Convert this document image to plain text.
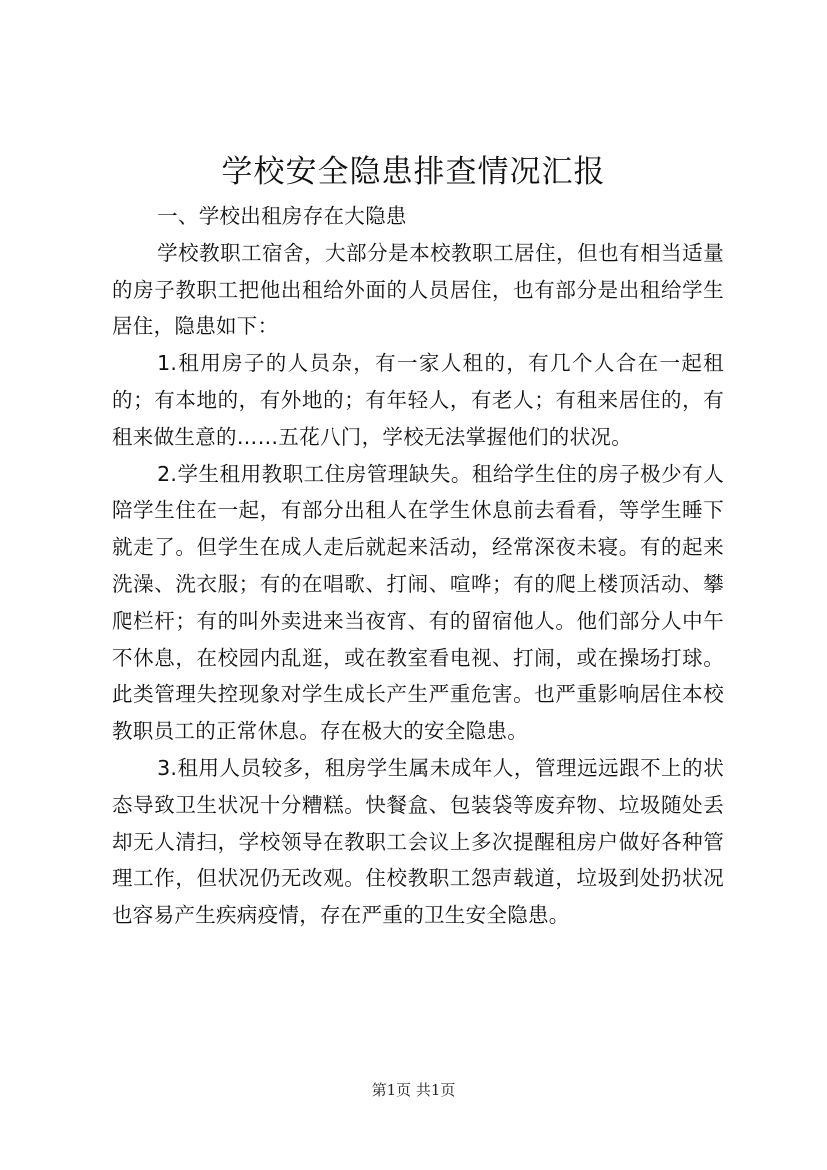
学校安全隐患排查情况汇报

一、学校出租房存在大隐患

学校教职工宿舍，大部分是本校教职工居住，但也有相当适量的房子教职工把他出租给外面的人员居住，也有部分是出租给学生居住，隐患如下：

1.租用房子的人员杂，有一家人租的，有几个人合在一起租的；有本地的，有外地的；有年轻人，有老人；有租来居住的，有租来做生意的……五花八门，学校无法掌握他们的状况。

2.学生租用教职工住房管理缺失。租给学生住的房子极少有人陪学生住在一起，有部分出租人在学生休息前去看看，等学生睡下就走了。但学生在成人走后就起来活动，经常深夜未寝。有的起来洗澡、洗衣服；有的在唱歌、打闹、喧哗；有的爬上楼顶活动、攀爬栏杆；有的叫外卖进来当夜宵、有的留宿他人。他们部分人中午不休息，在校园内乱逛，或在教室看电视、打闹，或在操场打球。此类管理失控现象对学生成长产生严重危害。也严重影响居住本校教职员工的正常休息。存在极大的安全隐患。

3.租用人员较多，租房学生属未成年人，管理远远跟不上的状态导致卫生状况十分糟糕。快餐盒、包装袋等废弃物、垃圾随处丢却无人清扫，学校领导在教职工会议上多次提醒租房户做好各种管理工作，但状况仍无改观。住校教职工怨声载道，垃圾到处扔状况也容易产生疾病疫情，存在严重的卫生安全隐患。

第1页 共1页
